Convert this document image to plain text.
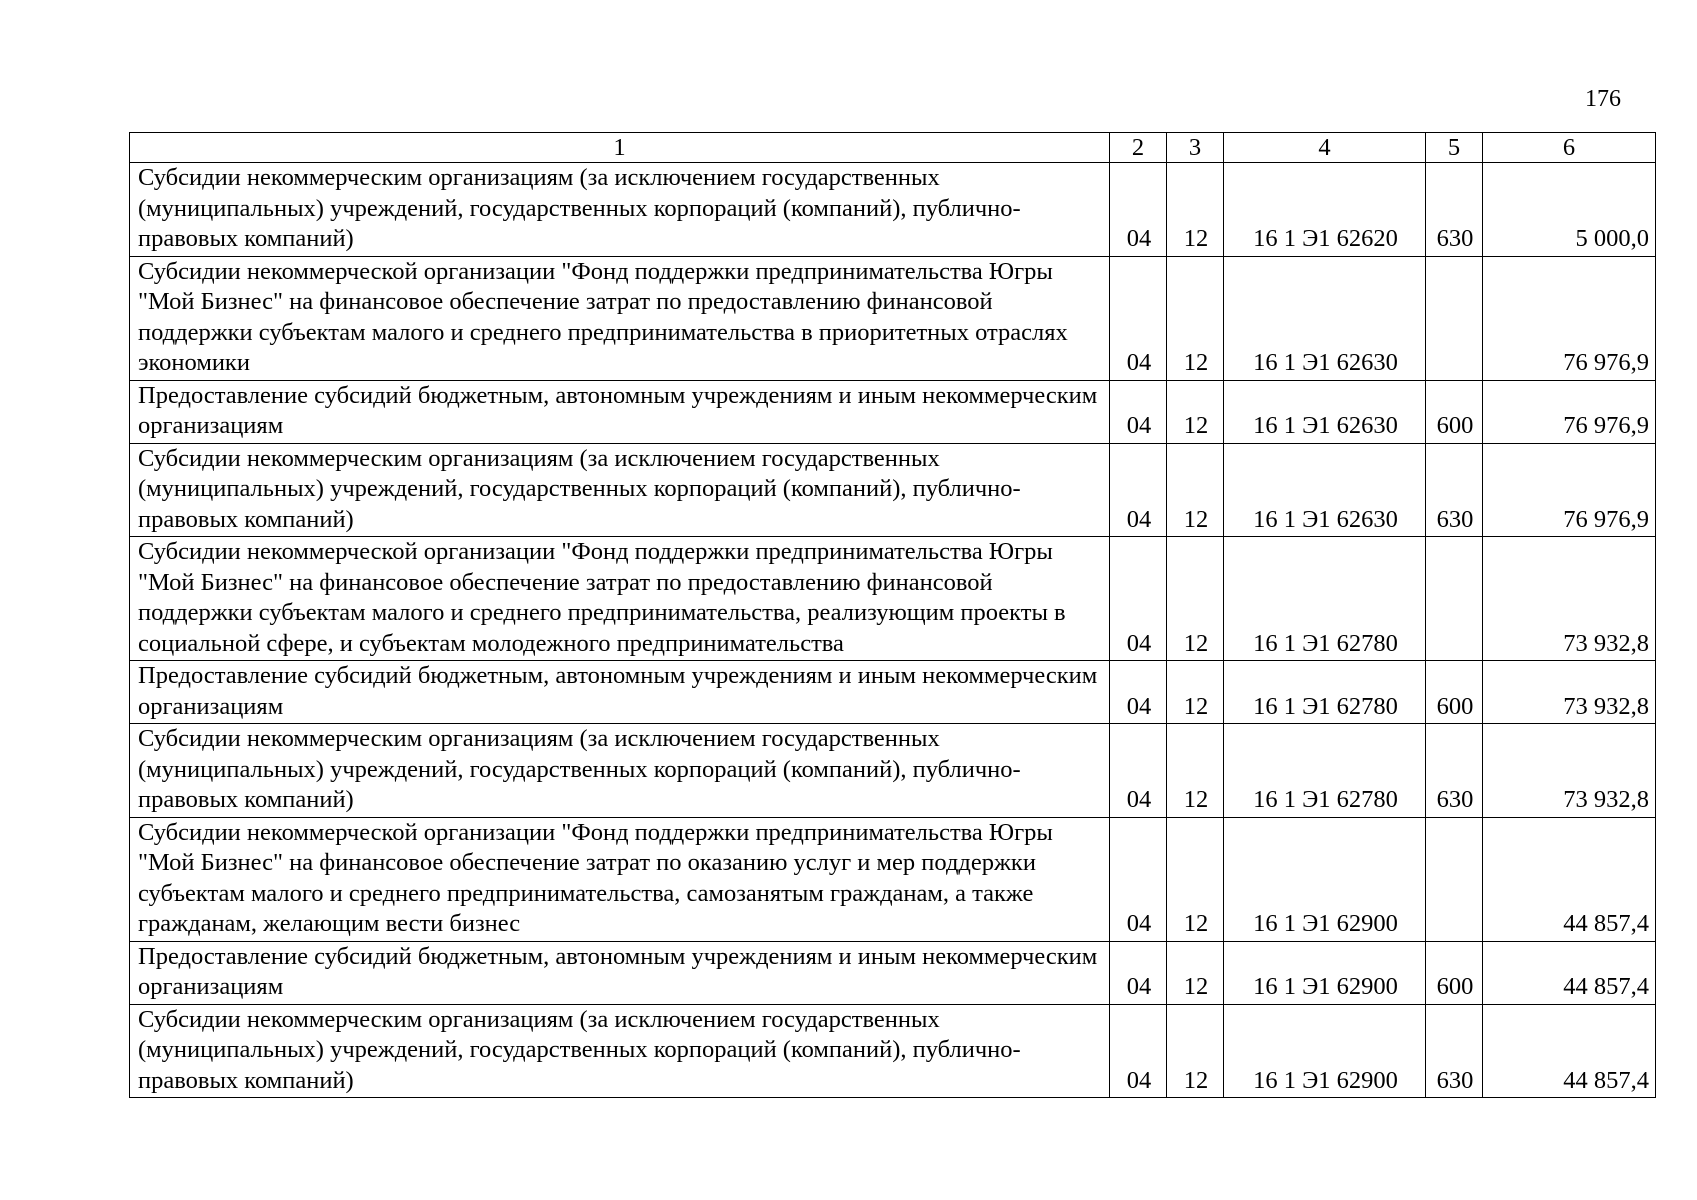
176
1	2	3	4	5	6
Субсидии некоммерческим организациям (за исключением государственных (муниципальных) учреждений, государственных корпораций (компаний), публично-правовых компаний)	04	12	16 1 Э1 62620	630	5 000,0
Субсидии некоммерческой организации "Фонд поддержки предпринимательства Югры "Мой Бизнес" на финансовое обеспечение затрат по предоставлению финансовой поддержки субъектам малого и среднего предпринимательства в приоритетных отраслях экономики	04	12	16 1 Э1 62630		76 976,9
Предоставление субсидий бюджетным, автономным учреждениям и иным некоммерческим организациям	04	12	16 1 Э1 62630	600	76 976,9
Субсидии некоммерческим организациям (за исключением государственных (муниципальных) учреждений, государственных корпораций (компаний), публично-правовых компаний)	04	12	16 1 Э1 62630	630	76 976,9
Субсидии некоммерческой организации "Фонд поддержки предпринимательства Югры "Мой Бизнес" на финансовое обеспечение затрат по предоставлению финансовой поддержки субъектам малого и среднего предпринимательства, реализующим проекты в социальной сфере, и субъектам молодежного предпринимательства	04	12	16 1 Э1 62780		73 932,8
Предоставление субсидий бюджетным, автономным учреждениям и иным некоммерческим организациям	04	12	16 1 Э1 62780	600	73 932,8
Субсидии некоммерческим организациям (за исключением государственных (муниципальных) учреждений, государственных корпораций (компаний), публично-правовых компаний)	04	12	16 1 Э1 62780	630	73 932,8
Субсидии некоммерческой организации "Фонд поддержки предпринимательства Югры "Мой Бизнес" на финансовое обеспечение затрат по оказанию услуг и мер поддержки субъектам малого и среднего предпринимательства, самозанятым гражданам, а также гражданам, желающим вести бизнес	04	12	16 1 Э1 62900		44 857,4
Предоставление субсидий бюджетным, автономным учреждениям и иным некоммерческим организациям	04	12	16 1 Э1 62900	600	44 857,4
Субсидии некоммерческим организациям (за исключением государственных (муниципальных) учреждений, государственных корпораций (компаний), публично-правовых компаний)	04	12	16 1 Э1 62900	630	44 857,4
